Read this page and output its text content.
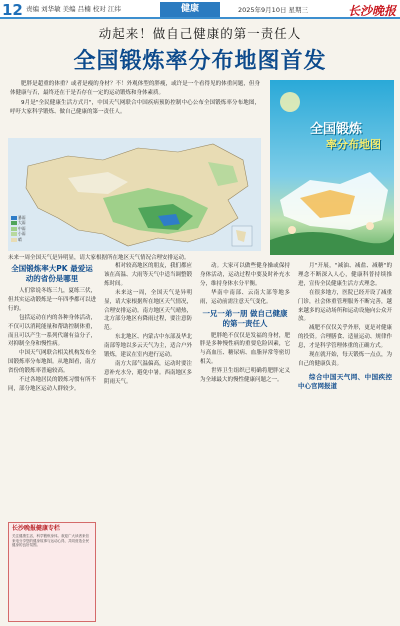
12 责编 刘华敏 美编 吕楠 校对 江纬	健康	2025年9月10日 星期三	长沙晚报
动起来！做自己健康的第一责任人
全国锻炼率分布地图首发

肥胖是超重的体重？或者是瘦的身材？不！外观体型的胖瘦，或许是一个看得见的体重问题，但身体健康与否，最终还在于是否存在一定的运动锻炼和身体素质。

9月是"全民健康生活方式月"，中国天气网联合中国疾病预防控制中心公布全国锻炼率分布地图，呼吁大家科学锻炼、做自己健康的第一责任人。

暴雨
大雨
中雨
小雨
晴
未来一周全国天气是异明显，请大家根据所在地区天气情况合理安排运动。
全国锻炼
率分布地图

全国锻炼率大PK 最爱运动的省份是哪里

人们常说冬练三九，夏练三伏，但其实运动锻炼是一年四季都可以进行的。

包括运动在内的各种身体活动，不仅可以消耗能量和帮助控制体重，而且可以产生一系列代谢有益分子，对抑制全身和慢性病。

中国天气网联合相关机构发布全国锻炼率分布地图。从地图看，南方省份的锻炼率普遍较高。

不过各地居民的锻炼习惯有所不同，部分地区运动人群较少。

长沙晚报健康专栏
关注健康生活，科学锻炼身体。欢迎广大读者来信来电分享您的健身故事与运动心得，共同营造全民健身的良好氛围。

相对较高地区的朋友，我们都应该在高温、大雨等天气中适当调整锻炼时间。

未来这一周，全国天气是异明显，请大家根据所在地区天气情况，合理安排运动。南方地区天气晴热，北方部分地区有降雨过程，要注意防范。

东北地区、内蒙古中东部及华北南部等地以多云天气为主，适合户外锻炼，建议在室内进行运动。

南方大部气温偏高，运动时要注意补充水分，避免中暑。西南地区多阴雨天气。

动。大家可以做些健身操或保持身体活动，运动过程中要及时补充水分，维持身体水分平衡。

华南中南部、云南大部等地多雨，运动前需注意天气变化。

一兄一弟一朋 做自己健康的第一责任人

肥胖绝不仅仅是发福的身材，肥胖是多种慢性病的重要危险因素，它与高血压、糖尿病、血脂异常等密切相关。

世界卫生组织已明确将肥胖定义为全球最大的慢性健康问题之一。

月"开展，"减油、减盐、减糖"的理念不断深入人心，健康科普持续推进，宣传全民健康生活方式理念。

在很多地方，医院已经开设了减重门诊，社会体重管理服务不断完善，越来越多的运动场所和运动设施向公众开放。

减肥不仅仅关乎外形，更是对健康的投资。合理膳食、适量运动、规律作息，才是科学管理体重的正确方式。

现在就开始，每天锻炼一点点，为自己的健康负责。

综合中国天气网、中国疾控中心官网报道
